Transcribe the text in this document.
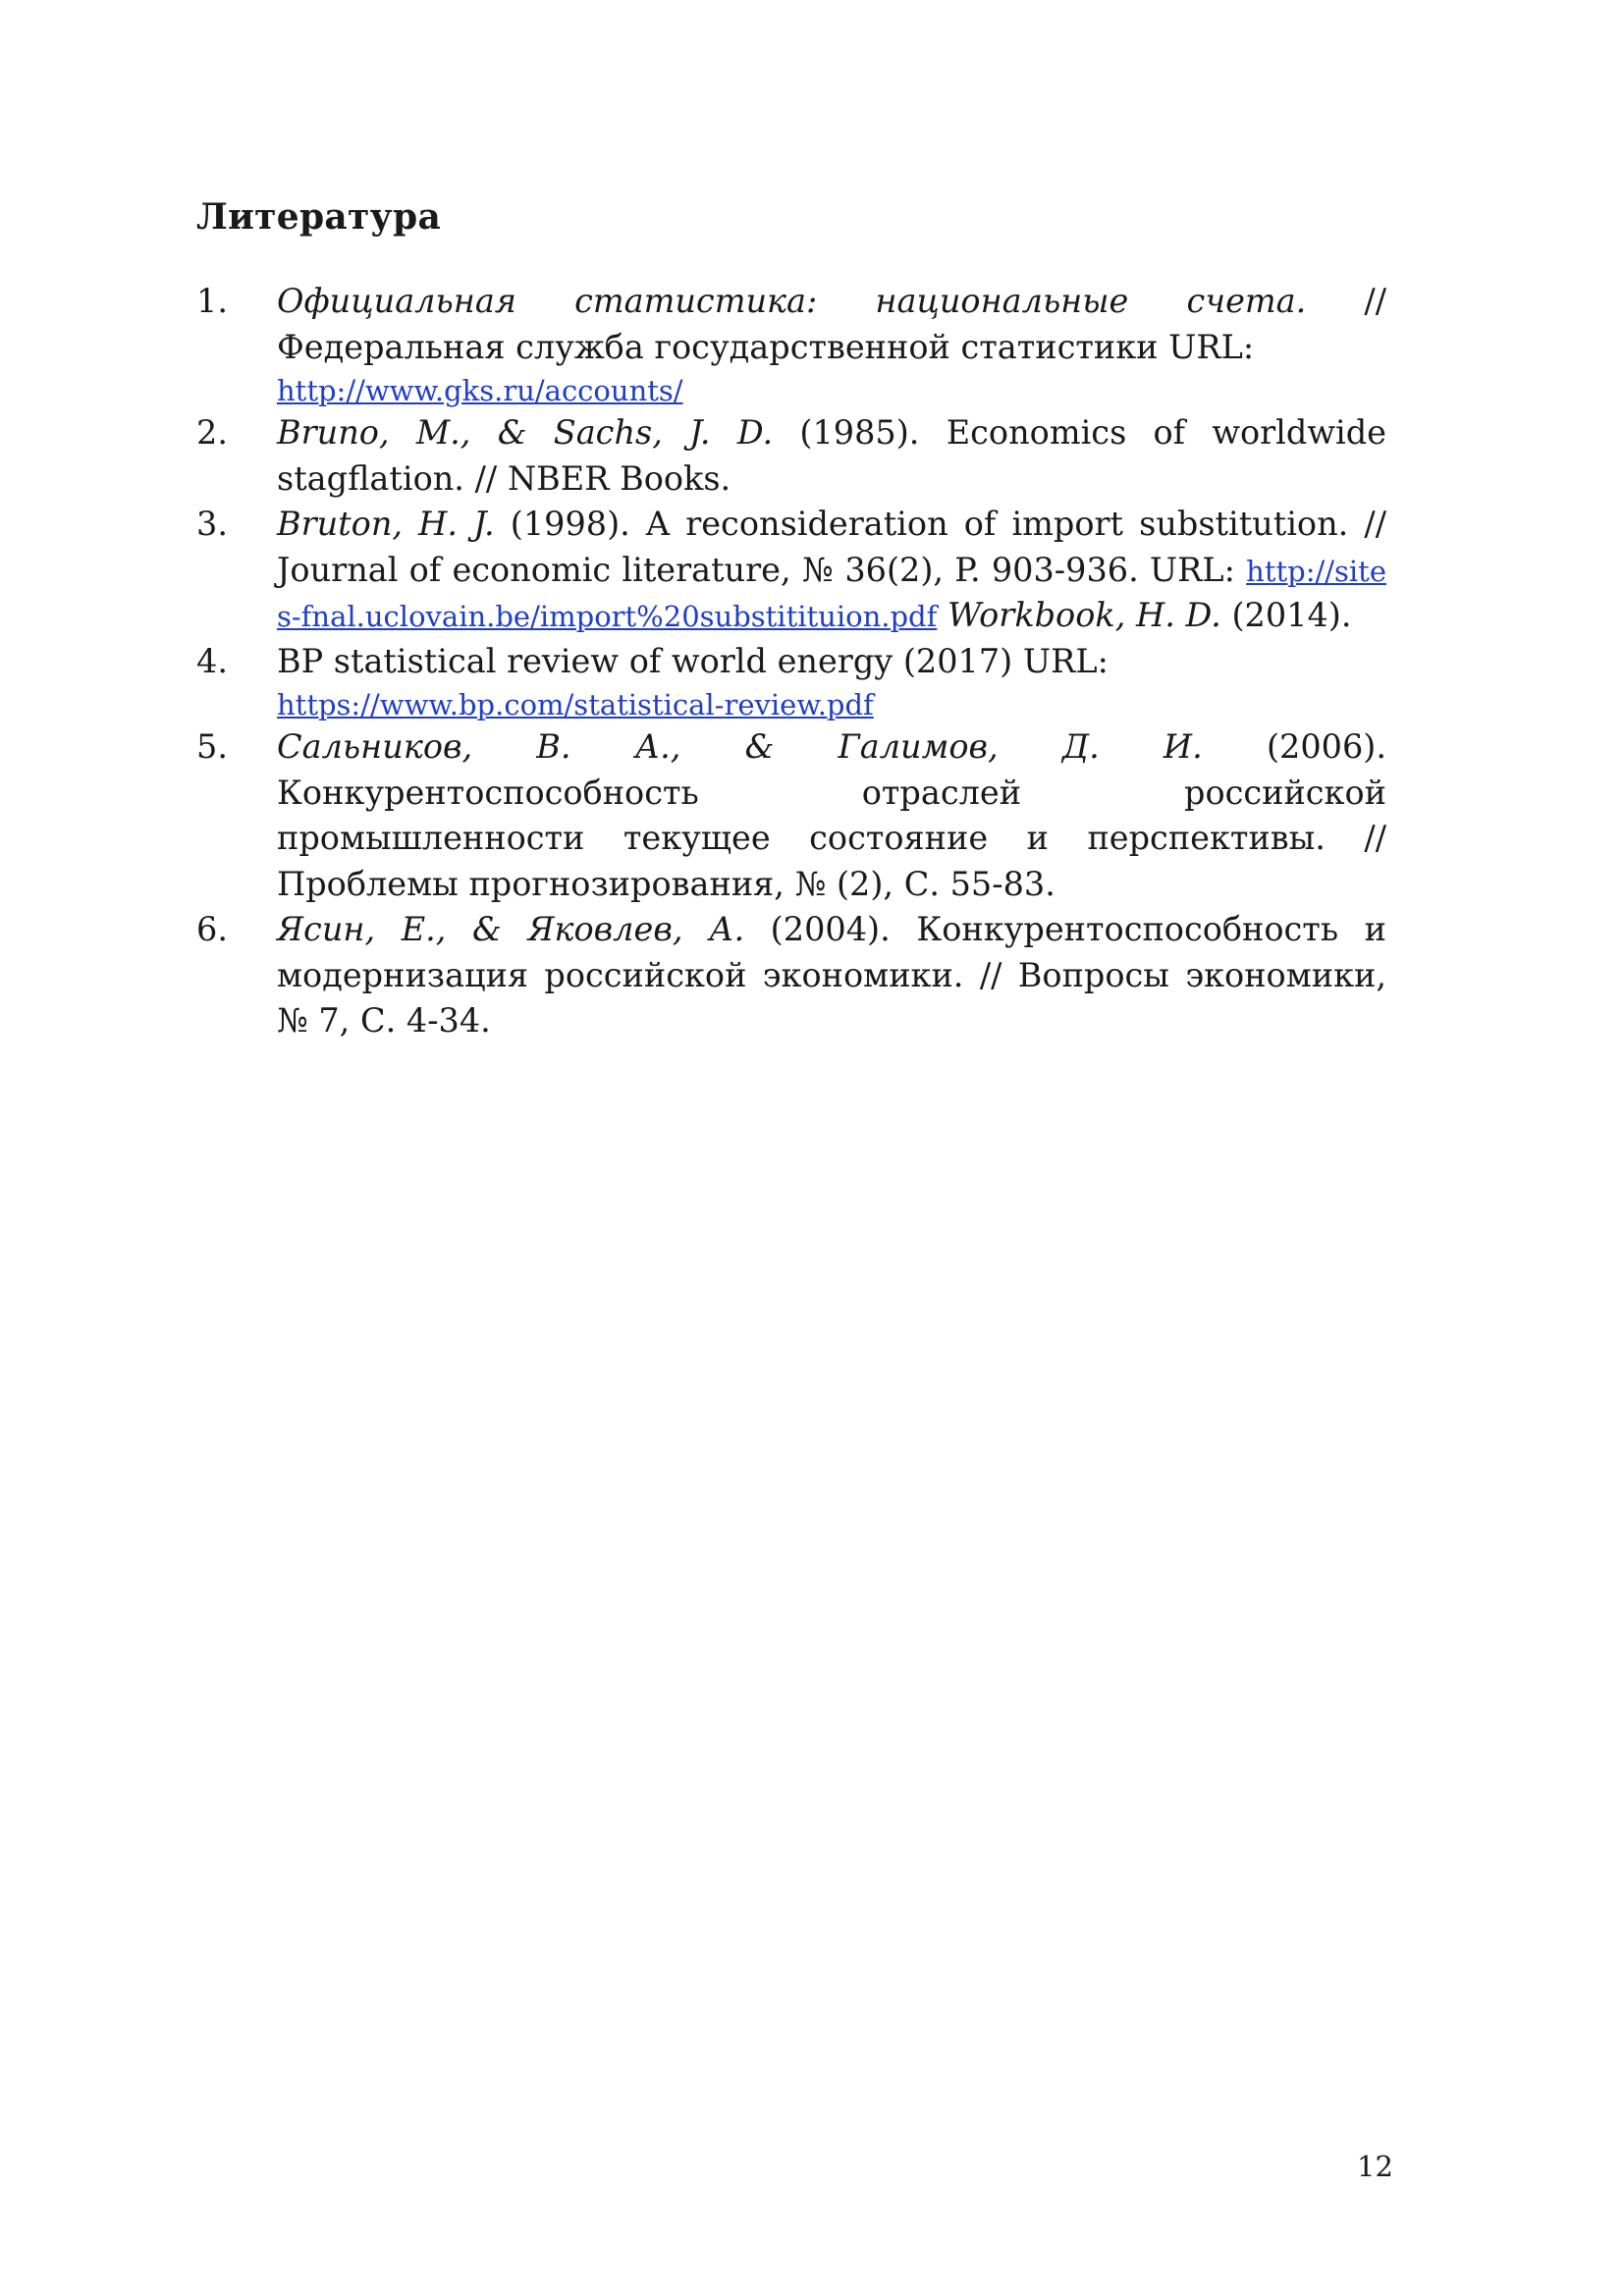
Литература
1. Официальная статистика: национальные счета. // Федеральная служба государственной статистики URL:
http://www.gks.ru/accounts/
2. Bruno, M., & Sachs, J. D. (1985). Economics of worldwide stagflation. // NBER Books.
3. Bruton, H. J. (1998). A reconsideration of import substitution. // Journal of economic literature, № 36(2), P. 903-936. URL: http://sites-fnal.uclovain.be/import%20substitituion.pdf Workbook, H. D. (2014).
4. BP statistical review of world energy (2017) URL:
https://www.bp.com/statistical-review.pdf
5. Сальников, В. А., & Галимов, Д. И. (2006). Конкурентоспособность отраслей российской промышленности текущее состояние и перспективы. // Проблемы прогнозирования, № (2), С. 55-83.
6. Ясин, Е., & Яковлев, А. (2004). Конкурентоспособность и модернизация российской экономики. // Вопросы экономики, № 7, С. 4-34.
12
